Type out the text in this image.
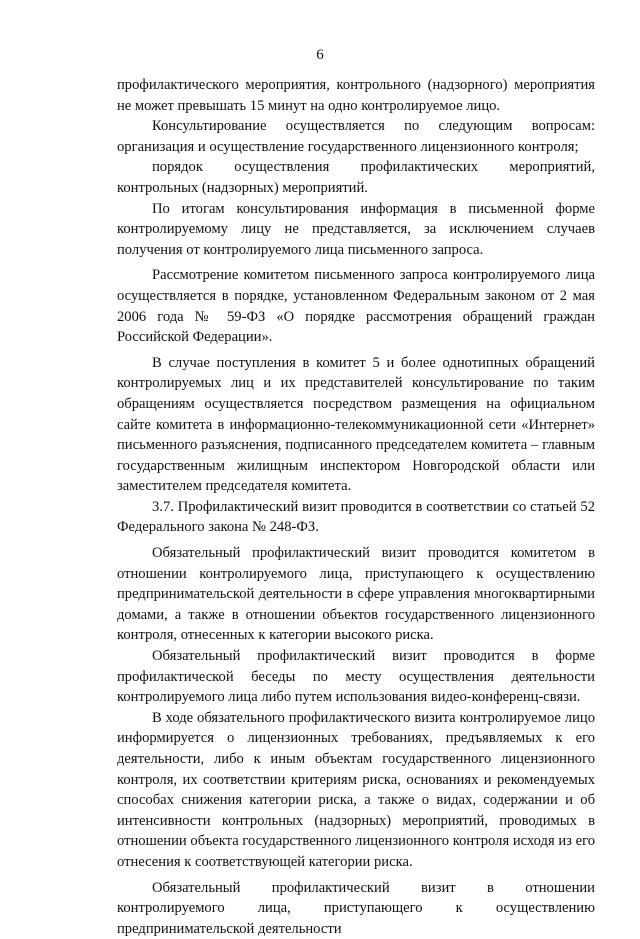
6

профилактического мероприятия, контрольного (надзорного) мероприятия не может превышать 15 минут на одно контролируемое лицо.

Консультирование осуществляется по следующим вопросам: организация и осуществление государственного лицензионного контроля;

порядок осуществления профилактических мероприятий, контрольных (надзорных) мероприятий.

По итогам консультирования информация в письменной форме контролируемому лицу не представляется, за исключением случаев получения от контролируемого лица письменного запроса.

Рассмотрение комитетом письменного запроса контролируемого лица осуществляется в порядке, установленном Федеральным законом от 2 мая 2006 года № 59-ФЗ «О порядке рассмотрения обращений граждан Российской Федерации».

В случае поступления в комитет 5 и более однотипных обращений контролируемых лиц и их представителей консультирование по таким обращениям осуществляется посредством размещения на официальном сайте комитета в информационно-телекоммуникационной сети «Интернет» письменного разъяснения, подписанного председателем комитета – главным государственным жилищным инспектором Новгородской области или заместителем председателя комитета.

3.7. Профилактический визит проводится в соответствии со статьей 52 Федерального закона № 248-ФЗ.

Обязательный профилактический визит проводится комитетом в отношении контролируемого лица, приступающего к осуществлению предпринимательской деятельности в сфере управления многоквартирными домами, а также в отношении объектов государственного лицензионного контроля, отнесенных к категории высокого риска.

Обязательный профилактический визит проводится в форме профилактической беседы по месту осуществления деятельности контролируемого лица либо путем использования видео-конференц-связи.

В ходе обязательного профилактического визита контролируемое лицо информируется о лицензионных требованиях, предъявляемых к его деятельности, либо к иным объектам государственного лицензионного контроля, их соответствии критериям риска, основаниях и рекомендуемых способах снижения категории риска, а также о видах, содержании и об интенсивности контрольных (надзорных) мероприятий, проводимых в отношении объекта государственного лицензионного контроля исходя из его отнесения к соответствующей категории риска.

Обязательный профилактический визит в отношении контролируемого лица, приступающего к осуществлению предпринимательской деятельности
